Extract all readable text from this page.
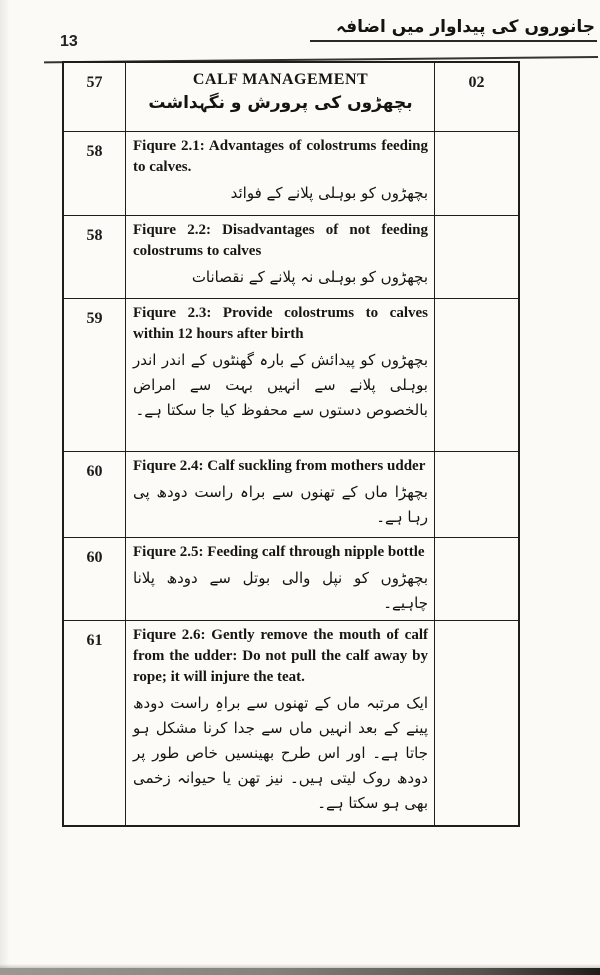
13
جانوروں کی پیداوار میں اضافہ
57	CALF MANAGEMENT
بچھڑوں کی پرورش و نگہداشت
02
58	Fiqure 2.1: Advantages of colostrums feeding to calves.
بچھڑوں کو بوہلی پلانے کے فوائد
58	Fiqure 2.2: Disadvantages of not feeding colostrums to calves
بچھڑوں کو بوہلی نہ پلانے کے نقصانات
59	Fiqure 2.3: Provide colostrums to calves within 12 hours after birth
بچھڑوں کو پیدائش کے بارہ گھنٹوں کے اندر اندر بوہلی پلانے سے انہیں بہت سے امراض بالخصوص دستوں سے محفوظ کیا جا سکتا ہے۔
60	Fiqure 2.4: Calf suckling from mothers udder
بچھڑا ماں کے تھنوں سے براہ راست دودھ پی رہا ہے۔
60	Fiqure 2.5: Feeding calf through nipple bottle
بچھڑوں کو نپل والی بوتل سے دودھ پلانا چاہیے۔
61	Fiqure 2.6: Gently remove the mouth of calf from the udder: Do not pull the calf away by rope; it will injure the teat.
ایک مرتبہ ماں کے تھنوں سے براہِ راست دودھ پینے کے بعد انہیں ماں سے جدا کرنا مشکل ہو جاتا ہے۔ اور اس طرح بھینسیں خاص طور پر دودھ روک لیتی ہیں۔ نیز تھن یا حیوانہ زخمی بھی ہو سکتا ہے۔
